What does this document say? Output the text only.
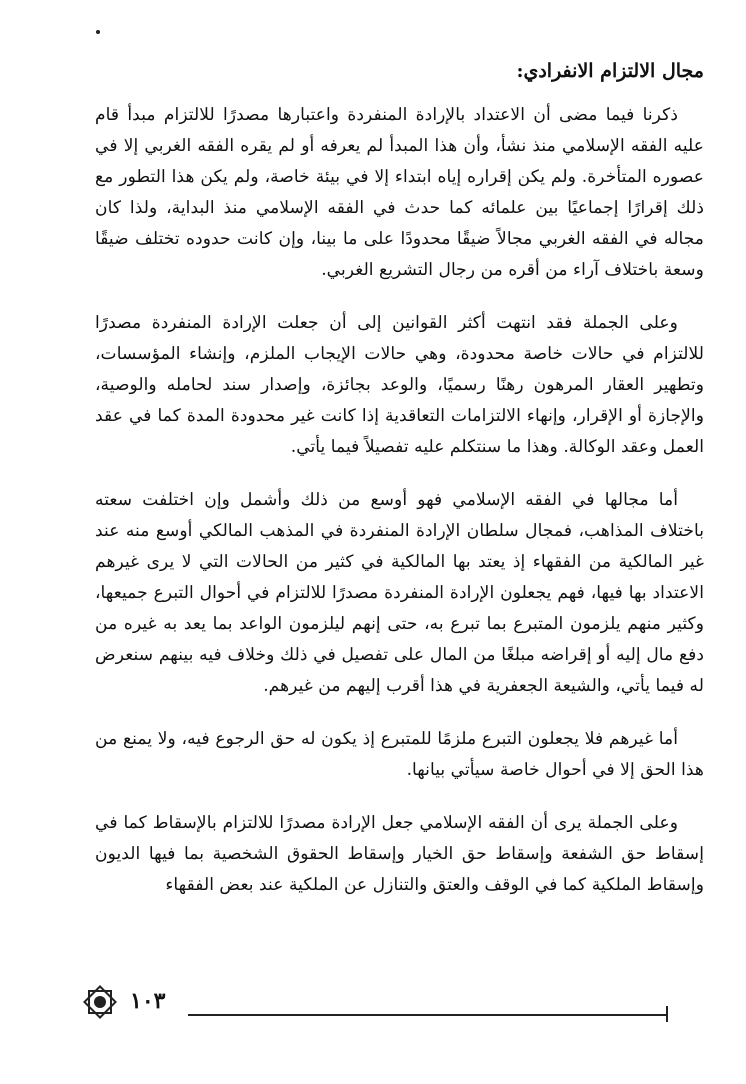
مجال الالتزام الانفرادي:

ذكرنا فيما مضى أن الاعتداد بالإرادة المنفردة واعتبارها مصدرًا للالتزام مبدأ قام عليه الفقه الإسلامي منذ نشأ، وأن هذا المبدأ لم يعرفه أو لم يقره الفقه الغربي إلا في عصوره المتأخرة. ولم يكن إقراره إياه ابتداء إلا في بيئة خاصة، ولم يكن هذا التطور مع ذلك إقرارًا إجماعيًا بين علمائه كما حدث في الفقه الإسلامي منذ البداية، ولذا كان مجاله في الفقه الغربي مجالاً ضيقًا محدودًا على ما بينا، وإن كانت حدوده تختلف ضيقًا وسعة باختلاف آراء من أقره من رجال التشريع الغربي.

وعلى الجملة فقد انتهت أكثر القوانين إلى أن جعلت الإرادة المنفردة مصدرًا للالتزام في حالات خاصة محدودة، وهي حالات الإيجاب الملزم، وإنشاء المؤسسات، وتطهير العقار المرهون رهنًا رسميًا، والوعد بجائزة، وإصدار سند لحامله والوصية، والإجازة أو الإقرار، وإنهاء الالتزامات التعاقدية إذا كانت غير محدودة المدة كما في عقد العمل وعقد الوكالة. وهذا ما سنتكلم عليه تفصيلاً فيما يأتي.

أما مجالها في الفقه الإسلامي فهو أوسع من ذلك وأشمل وإن اختلفت سعته باختلاف المذاهب، فمجال سلطان الإرادة المنفردة في المذهب المالكي أوسع منه عند غير المالكية من الفقهاء إذ يعتد بها المالكية في كثير من الحالات التي لا يرى غيرهم الاعتداد بها فيها، فهم يجعلون الإرادة المنفردة مصدرًا للالتزام في أحوال التبرع جميعها، وكثير منهم يلزمون المتبرع بما تبرع به، حتى إنهم ليلزمون الواعد بما يعد به غيره من دفع مال إليه أو إقراضه مبلغًا من المال على تفصيل في ذلك وخلاف فيه بينهم سنعرض له فيما يأتي، والشيعة الجعفرية في هذا أقرب إليهم من غيرهم.

أما غيرهم فلا يجعلون التبرع ملزمًا للمتبرع إذ يكون له حق الرجوع فيه، ولا يمنع من هذا الحق إلا في أحوال خاصة سيأتي بيانها.

وعلى الجملة يرى أن الفقه الإسلامي جعل الإرادة مصدرًا للالتزام بالإسقاط كما في إسقاط حق الشفعة وإسقاط حق الخيار وإسقاط الحقوق الشخصية بما فيها الديون وإسقاط الملكية كما في الوقف والعتق والتنازل عن الملكية عند بعض الفقهاء

١٠٣
